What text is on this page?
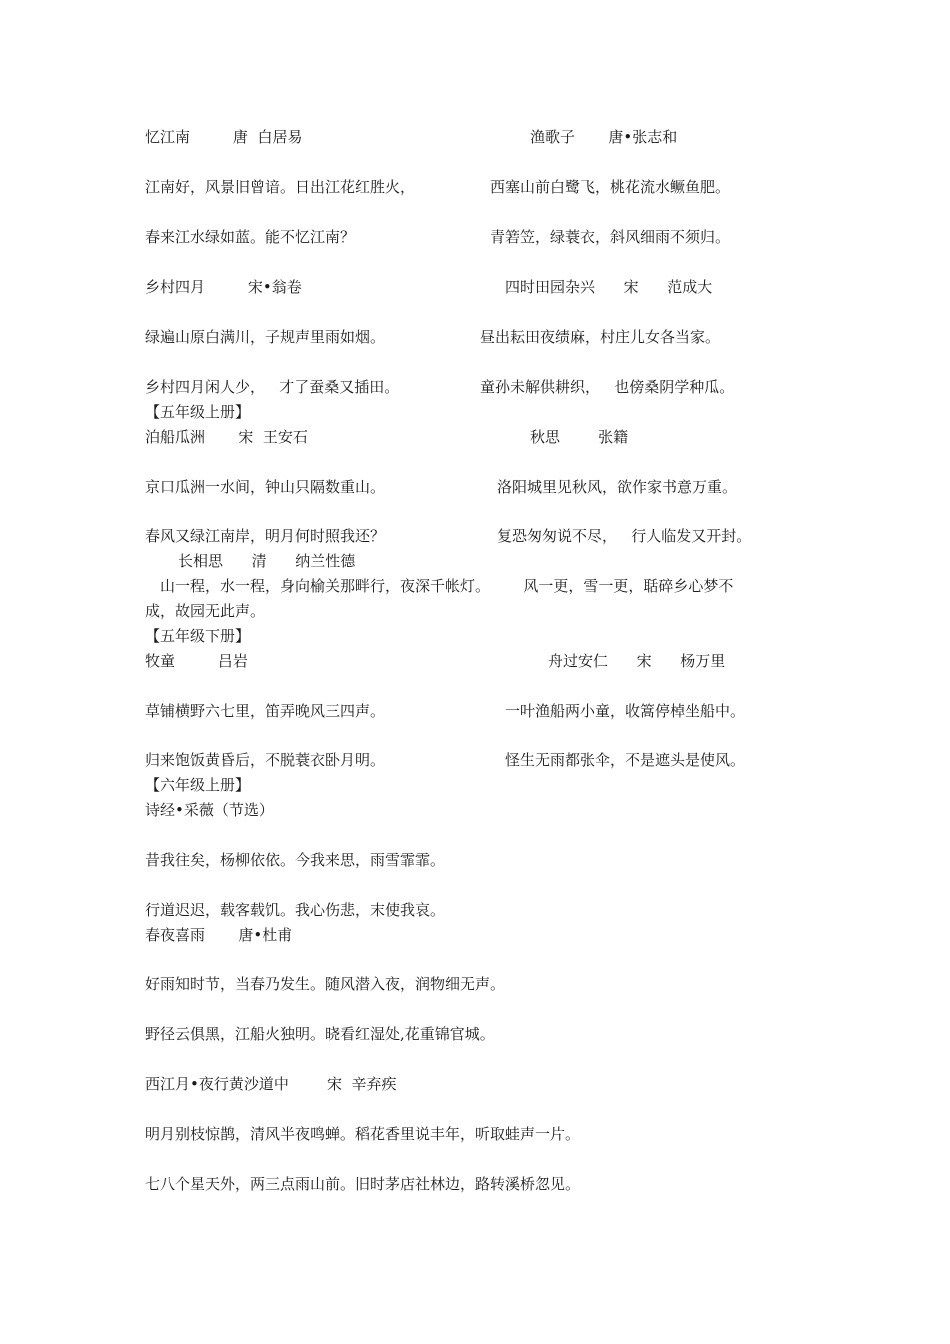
忆江南         唐  白居易	渔歌子       唐•张志和
江南好，风景旧曾谙。日出江花红胜火，	西塞山前白鹭飞，桃花流水鳜鱼肥。
春来江水绿如蓝。能不忆江南？	青箬笠，绿蓑衣，斜风细雨不须归。
乡村四月         宋•翁卷	四时田园杂兴      宋      范成大
绿遍山原白满川，子规声里雨如烟。	昼出耘田夜绩麻，村庄儿女各当家。
乡村四月闲人少，   才了蚕桑又插田。	童孙未解供耕织，   也傍桑阴学种瓜。
【五年级上册】
泊船瓜洲       宋  王安石	秋思        张籍
京口瓜洲一水间，钟山只隔数重山。	洛阳城里见秋风，欲作家书意万重。
春风又绿江南岸，明月何时照我还？	复恐匆匆说不尽，   行人临发又开封。
长相思      清      纳兰性德
山一程，水一程，身向榆关那畔行，夜深千帐灯。       风一更，雪一更，聒碎乡心梦不
成，故园无此声。
【五年级下册】
牧童         吕岩	舟过安仁      宋      杨万里
草铺横野六七里，笛弄晚风三四声。	一叶渔船两小童，收篙停棹坐船中。
归来饱饭黄昏后，不脱蓑衣卧月明。	怪生无雨都张伞，不是遮头是使风。
【六年级上册】
诗经•采薇（节选）
昔我往矣，杨柳依依。今我来思，雨雪霏霏。
行道迟迟，载客载饥。我心伤悲，末使我哀。
春夜喜雨       唐•杜甫
好雨知时节，当春乃发生。随风潜入夜，润物细无声。
野径云俱黑，江船火独明。晓看红湿处,花重锦官城。
西江月•夜行黄沙道中        宋  辛弃疾
明月别枝惊鹊，清风半夜鸣蝉。稻花香里说丰年，听取蛙声一片。
七八个星天外，两三点雨山前。旧时茅店社林边，路转溪桥忽见。
